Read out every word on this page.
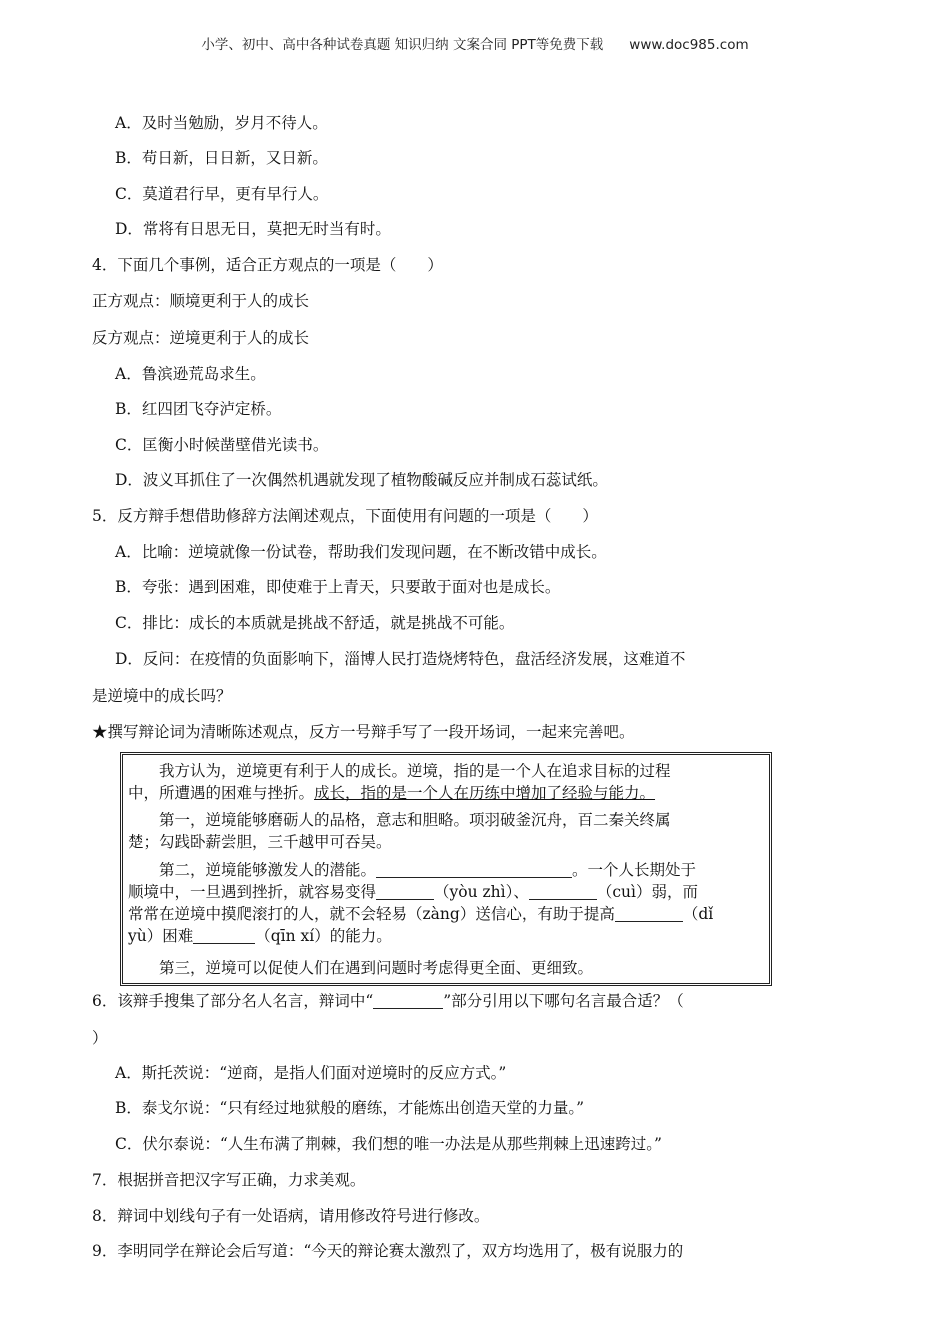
小学、初中、高中各种试卷真题 知识归纳 文案合同 PPT等免费下载 www.doc985.com
A．及时当勉励，岁月不待人。
B．苟日新，日日新，又日新。
C．莫道君行早，更有早行人。
D．常将有日思无日，莫把无时当有时。
4．下面几个事例，适合正方观点的一项是（　　）
正方观点：顺境更利于人的成长
反方观点：逆境更利于人的成长
A．鲁滨逊荒岛求生。
B．红四团飞夺泸定桥。
C．匡衡小时候凿壁借光读书。
D．波义耳抓住了一次偶然机遇就发现了植物酸碱反应并制成石蕊试纸。
5．反方辩手想借助修辞方法阐述观点，下面使用有问题的一项是（　　）
A．比喻：逆境就像一份试卷，帮助我们发现问题，在不断改错中成长。
B．夸张：遇到困难，即使难于上青天，只要敢于面对也是成长。
C．排比：成长的本质就是挑战不舒适，就是挑战不可能。
D．反问：在疫情的负面影响下，淄博人民打造烧烤特色，盘活经济发展，这难道不
是逆境中的成长吗？
★撰写辩论词为清晰陈述观点，反方一号辩手写了一段开场词，一起来完善吧。

我方认为，逆境更有利于人的成长。逆境，指的是一个人在追求目标的过程

中，所遭遇的困难与挫折。成长，指的是一个人在历练中增加了经验与能力。

第一，逆境能够磨砺人的品格，意志和胆略。项羽破釜沉舟，百二秦关终属

楚；勾践卧薪尝胆，三千越甲可吞吴。

第二，逆境能够激发人的潜能。	。一个人长期处于

顺境中，一旦遇到挫折，就容易变得	（yòu zhì）、	（cuì）弱，而

常常在逆境中摸爬滚打的人，就不会轻易（zàng）送信心，有助于提高	（dǐ

yù）困难	（qīn xí）的能力。

第三，逆境可以促使人们在遇到问题时考虑得更全面、更细致。

6．该辩手搜集了部分名人名言，辩词中“	”部分引用以下哪句名言最合适？（
）
A．斯托茨说：“逆商，是指人们面对逆境时的反应方式。”
B．泰戈尔说：“只有经过地狱般的磨练，才能炼出创造天堂的力量。”
C．伏尔泰说：“人生布满了荆棘，我们想的唯一办法是从那些荆棘上迅速跨过。”
7．根据拼音把汉字写正确，力求美观。
8．辩词中划线句子有一处语病，请用修改符号进行修改。
9．李明同学在辩论会后写道：“今天的辩论赛太激烈了，双方均选用了，极有说服力的
